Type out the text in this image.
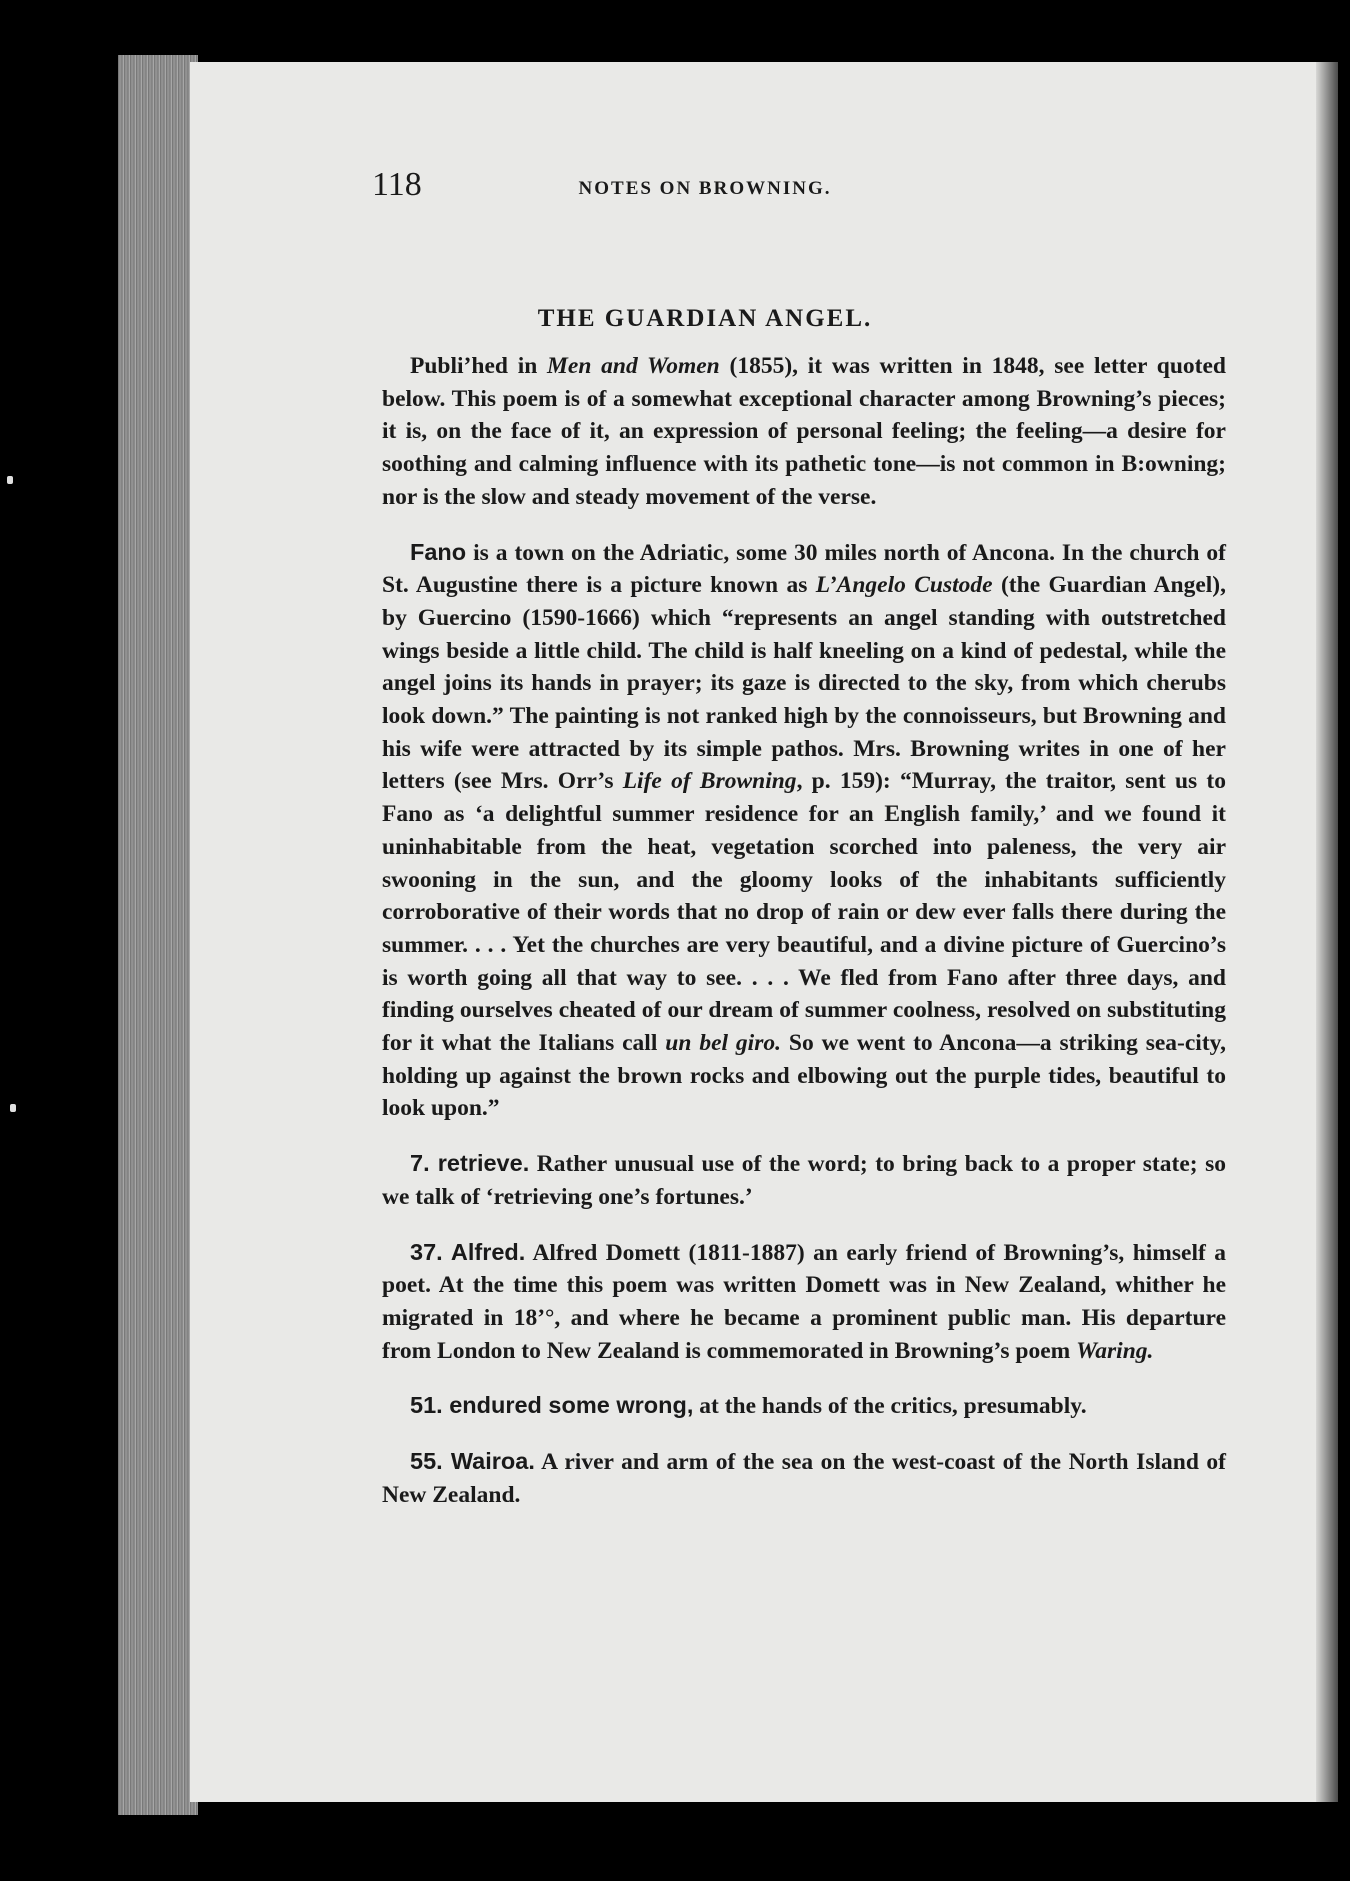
118	NOTES ON BROWNING.
THE GUARDIAN ANGEL.

Publi’hed in Men and Women (1855), it was written in 1848, see letter quoted below. This poem is of a somewhat exceptional character among Browning’s pieces; it is, on the face of it, an expression of personal feeling; the feeling—a desire for soothing and calming influence with its pathetic tone—is not common in B:owning; nor is the slow and steady movement of the verse.

Fano is a town on the Adriatic, some 30 miles north of Ancona. In the church of St. Augustine there is a picture known as L’Angelo Custode (the Guardian Angel), by Guercino (1590-1666) which “represents an angel standing with outstretched wings beside a little child. The child is half kneeling on a kind of pedestal, while the angel joins its hands in prayer; its gaze is directed to the sky, from which cherubs look down.” The painting is not ranked high by the connoisseurs, but Browning and his wife were attracted by its simple pathos. Mrs. Browning writes in one of her letters (see Mrs. Orr’s Life of Browning, p. 159): “Murray, the traitor, sent us to Fano as ‘a delightful summer residence for an English family,’ and we found it uninhabitable from the heat, vegetation scorched into paleness, the very air swooning in the sun, and the gloomy looks of the inhabitants sufficiently corroborative of their words that no drop of rain or dew ever falls there during the summer. . . . Yet the churches are very beautiful, and a divine picture of Guercino’s is worth going all that way to see. . . . We fled from Fano after three days, and finding ourselves cheated of our dream of summer coolness, resolved on substituting for it what the Italians call un bel giro. So we went to Ancona—a striking sea-city, holding up against the brown rocks and elbowing out the purple tides, beautiful to look upon.”

7. retrieve. Rather unusual use of the word; to bring back to a proper state; so we talk of ‘retrieving one’s fortunes.’

37. Alfred. Alfred Domett (1811-1887) an early friend of Browning’s, himself a poet. At the time this poem was written Domett was in New Zealand, whither he migrated in 18’°, and where he became a prominent public man. His departure from London to New Zealand is commemorated in Browning’s poem Waring.

51. endured some wrong, at the hands of the critics, presumably.

55. Wairoa. A river and arm of the sea on the west-coast of the North Island of New Zealand.
